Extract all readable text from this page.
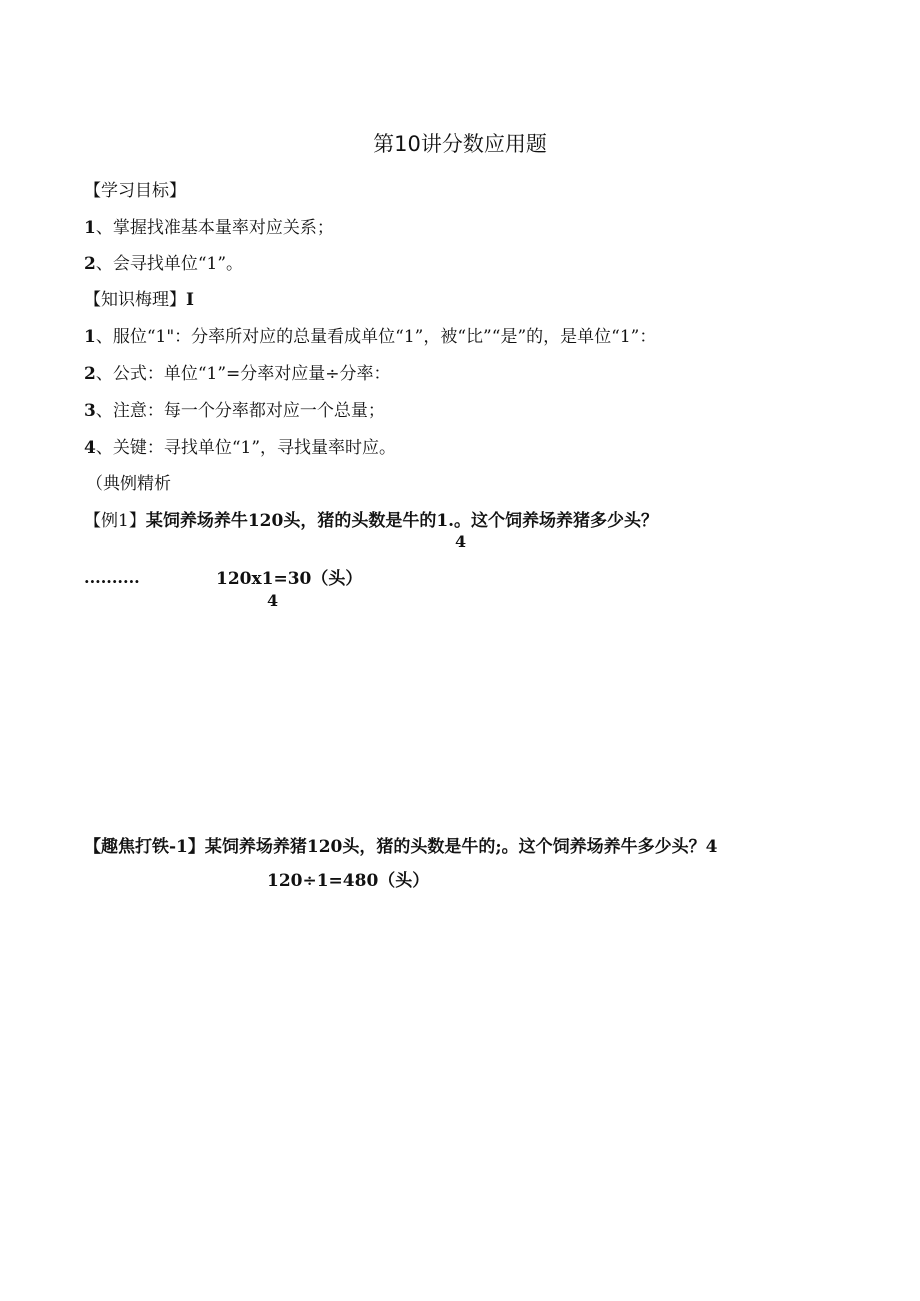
第10讲分数应用题
【学习目标】
1、掌握找准基本量率对应关系；
2、会寻找单位“1”。
【知识梅理】I
1、服位“1"：分率所对应的总量看成单位“1”，被“比”“是”的，是单位“1”：
2、公式：单位“1”=分率对应量÷分率：
3、注意：每一个分率都对应一个总量；
4、关键：寻找单位“1”，寻找量率时应。
（典例精析
【例1】某饲养场养牛120头，猪的头数是牛的1.。这个饲养场养猪多少头？
4
..........	120x1=30（头）
4
【趣焦打铁-1】某饲养场养猪120头，猪的头数是牛的;。这个饲养场养牛多少头？4
120÷1=480（头）
